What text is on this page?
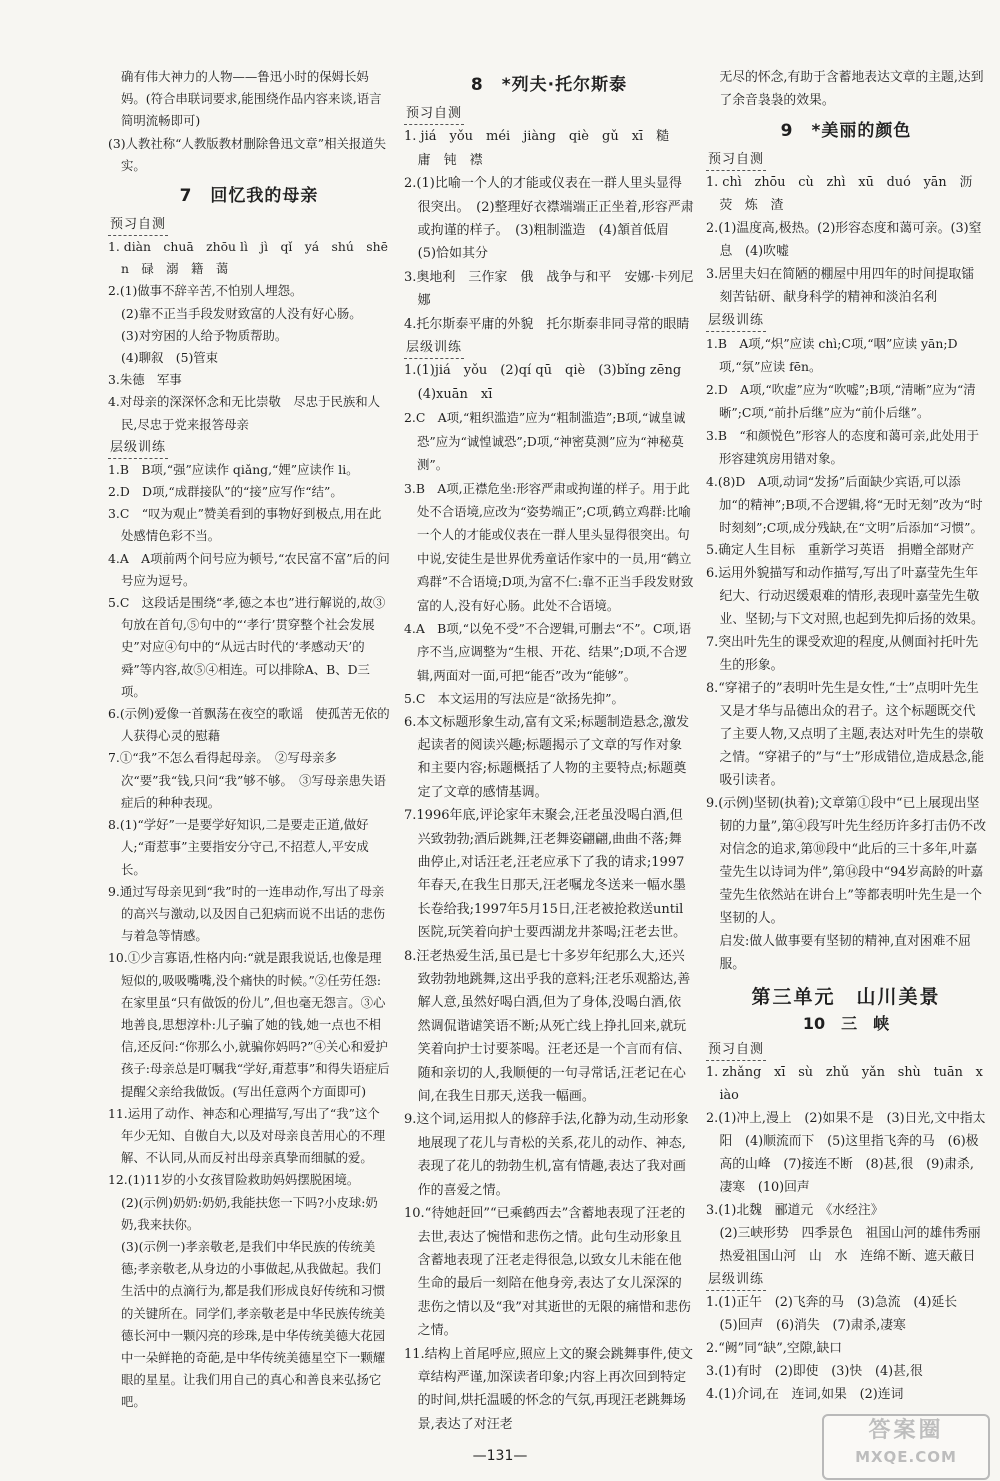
确有伟大神力的人物——鲁迅小时的保姆长妈妈。(符合串联词要求,能围绕作品内容来谈,语言简明流畅即可)

(3)人教社称“人教版教材删除鲁迅文章”相关报道失实。

7　回忆我的母亲
预习自测

1. diàn　chuā　zhōu lì　jì　qǐ　yá　shú　shēn　碌　溺　籍　蔼

2.(1)做事不辞辛苦,不怕别人埋怨。

(2)靠不正当手段发财致富的人没有好心肠。

(3)对穷困的人给予物质帮助。

(4)聊叙　(5)管束

3.朱德　军事

4.对母亲的深深怀念和无比崇敬　尽忠于民族和人民,尽忠于党来报答母亲

层级训练

1.B　B项,“强”应读作 qiǎng,“娌”应读作 li。

2.D　D项,“成群接队”的“接”应写作“结”。

3.C　“叹为观止”赞美看到的事物好到极点,用在此处感情色彩不当。

4.A　A项前两个问号应为顿号,“农民富不富”后的问号应为逗号。

5.C　这段话是围绕“孝,德之本也”进行解说的,故③句放在首句,⑤句中的“‘孝行’贯穿整个社会发展史”对应④句中的“从远古时代的‘孝感动天’的舜”等内容,故⑤④相连。可以排除A、B、D三项。

6.(示例)爱像一首飘荡在夜空的歌谣　使孤苦无依的人获得心灵的慰藉

7.①“我”不怎么看得起母亲。　②写母亲多次“要”我“钱,只问“我”够不够。　③写母亲患失语症后的种种表现。

8.(1)“学好”一是要学好知识,二是要走正道,做好人;“甭惹事”主要指安分守己,不招惹人,平安成长。

9.通过写母亲见到“我”时的一连串动作,写出了母亲的高兴与激动,以及因自己犯病而说不出话的悲伤与着急等情感。

10.①少言寡语,性格内向:“就是跟我说话,也像是理短似的,吸吸嘴嘴,没个痛快的时候。”②任劳任怨:在家里虽“只有做饭的份儿”,但也毫无怨言。③心地善良,思想淳朴:儿子骗了她的钱,她一点也不相信,还反问:“你那么小,就骗你妈吗?”④关心和爱护孩子:母亲总是叮嘱我“学好,甭惹事”和得失语症后提醒父亲给我做饭。(写出任意两个方面即可)

11.运用了动作、神态和心理描写,写出了“我”这个年少无知、自傲自大,以及对母亲良苦用心的不理解、不认同,从而反衬出母亲真挚而细腻的爱。

12.(1)11岁的小女孩冒险救助妈妈摆脱困境。

(2)(示例)奶奶:奶奶,我能扶您一下吗?小皮球:奶奶,我来扶你。

(3)(示例一)孝亲敬老,是我们中华民族的传统美德;孝亲敬老,从身边的小事做起,从我做起。我们生活中的点滴行为,都是我们形成良好传统和习惯的关键所在。同学们,孝亲敬老是中华民族传统美德长河中一颗闪亮的珍珠,是中华传统美德大花园中一朵鲜艳的奇葩,是中华传统美德星空下一颗耀眼的星星。让我们用自己的真心和善良来弘扬它吧。

8　*列夫·托尔斯泰
预习自测

1. jiá　yǒu　méi　jiàng　qiè　gǔ　xī　糙　庸　钝　襟

2.(1)比喻一个人的才能或仪表在一群人里头显得很突出。　(2)整理好衣襟端端正正坐着,形容严肃或拘谨的样子。　(3)粗制滥造　(4)頷首低眉　(5)恰如其分

3.奥地利　三作家　俄　战争与和平　安娜·卡列尼娜

4.托尔斯泰平庸的外貌　托尔斯泰非同寻常的眼睛

层级训练

1.(1)jiá　yǒu　(2)qí qū　qiè　(3)bǐng zēng　(4)xuān　xī

2.C　A项,“粗织滥造”应为“粗制滥造”;B项,“诚皇诚恐”应为“诚惶诚恐”;D项,“神密莫测”应为“神秘莫测”。

3.B　A项,正襟危坐:形容严肃或拘谨的样子。用于此处不合语境,应改为“姿势端正”;C项,鹤立鸡群:比喻一个人的才能或仪表在一群人里头显得很突出。句中说,安徒生是世界优秀童话作家中的一员,用“鹤立鸡群”不合语境;D项,为富不仁:靠不正当手段发财致富的人,没有好心肠。此处不合语境。

4.A　B项,“以免不受”不合逻辑,可删去“不”。C项,语序不当,应调整为“生根、开花、结果”;D项,不合逻辑,两面对一面,可把“能否”改为“能够”。

5.C　本文运用的写法应是“欲扬先抑”。

6.本文标题形象生动,富有文采;标题制造悬念,激发起读者的阅读兴趣;标题揭示了文章的写作对象和主要内容;标题概括了人物的主要特点;标题奠定了文章的感情基调。

7.1996年底,评论家年末聚会,汪老虽没喝白酒,但兴致勃勃;酒后跳舞,汪老舞姿翩翩,曲曲不落;舞曲停止,对话汪老,汪老应承下了我的请求;1997年春天,在我生日那天,汪老嘱龙冬送来一幅水墨长卷给我;1997年5月15日,汪老被抢救送until医院,玩笑着向护士要西湖龙井茶喝;汪老去世。

8.汪老热爱生活,虽已是七十多岁年纪那么大,还兴致勃勃地跳舞,这出乎我的意料;汪老乐观豁达,善解人意,虽然好喝白酒,但为了身体,没喝白酒,依然调侃谐谑笑语不断;从死亡线上挣扎回来,就玩笑着向护士讨要茶喝。汪老还是一个言而有信、随和亲切的人,我顺便的一句寻常话,汪老记在心间,在我生日那天,送我一幅画。

9.这个词,运用拟人的修辞手法,化静为动,生动形象地展现了花儿与青松的关系,花儿的动作、神态,表现了花儿的勃勃生机,富有情趣,表达了我对画作的喜爱之情。

10.“待她赶回”“已乘鹤西去”含蓄地表现了汪老的去世,表达了惋惜和悲伤之情。此句生动形象且含蓄地表现了汪老走得很急,以致女儿未能在他生命的最后一刻陪在他身旁,表达了女儿深深的悲伤之情以及“我”对其逝世的无限的痛惜和悲伤之情。

11.结构上首尾呼应,照应上文的聚会跳舞事件,使文章结构严谨,加深读者印象;内容上再次回到特定的时间,烘托温暖的怀念的气氛,再现汪老跳舞场景,表达了对汪老

无尽的怀念,有助于含蓄地表达文章的主题,达到了余音袅袅的效果。

9　*美丽的颜色
预习自测

1. chì　zhōu　cù　zhì　xū　duó　yān　沥　荧　炼　渣

2.(1)温度高,极热。(2)形容态度和蔼可亲。(3)窒息　(4)吹嘘

3.居里夫妇在简陋的棚屋中用四年的时间提取镭　刻苦钻研、献身科学的精神和淡泊名利

层级训练

1.B　A项,“炽”应读 chì;C项,“咽”应读 yān;D项,“氛”应读 fēn。

2.D　A项,“吹虚”应为“吹嘘”;B项,“清晰”应为“清晰”;C项,“前扑后继”应为“前仆后继”。

3.B　“和颜悦色”形容人的态度和蔼可亲,此处用于形容建筑房用错对象。

4.(8)D　A项,动词“发扬”后面缺少宾语,可以添加“的精神”;B项,不合逻辑,将“无时无刻”改为“时时刻刻”;C项,成分残缺,在“文明”后添加“习惯”。

5.确定人生目标　重新学习英语　捐赠全部财产

6.运用外貌描写和动作描写,写出了叶嘉莹先生年纪大、行动迟缓艰难的情形,表现叶嘉莹先生敬业、坚韧;与下文对照,也起到先抑后扬的效果。

7.突出叶先生的课受欢迎的程度,从侧面衬托叶先生的形象。

8.“穿裙子的”表明叶先生是女性,“士”点明叶先生又是才华与品德出众的君子。这个标题既交代了主要人物,又点明了主题,表达对叶先生的崇敬之情。“穿裙子的”与“士”形成错位,造成悬念,能吸引读者。

9.(示例)坚韧(执着);文章第①段中“已上展现出坚韧的力量”,第④段写叶先生经历许多打击仍不改对信念的追求,第⑩段中“此后的三十多年,叶嘉莹先生以诗词为伴”,第⑭段中“94岁高龄的叶嘉莹先生依然站在讲台上”等都表明叶先生是一个坚韧的人。

启发:做人做事要有坚韧的精神,直对困难不屈服。

第三单元　山川美景
10　三　峡
预习自测

1. zhǎng　xī　sù　zhǔ　yǎn　shù　tuān　xiào

2.(1)冲上,漫上　(2)如果不是　(3)日光,文中指太阳　(4)顺流而下　(5)这里指飞奔的马　(6)极高的山峰　(7)接连不断　(8)甚,很　(9)肃杀,凄寒　(10)回声

3.(1)北魏　郦道元　《水经注》

(2)三峡形势　四季景色　祖国山河的雄伟秀丽　热爱祖国山河　山　水　连绵不断、遮天蔽日

层级训练

1.(1)正午　(2)飞奔的马　(3)急流　(4)延长　(5)回声　(6)消失　(7)肃杀,凄寒

2.“阙”同“缺”,空隙,缺口

3.(1)有时　(2)即使　(3)快　(4)甚,很

4.(1)介词,在　连词,如果　(2)连词

—131—
答案圈
MXQE.COM
